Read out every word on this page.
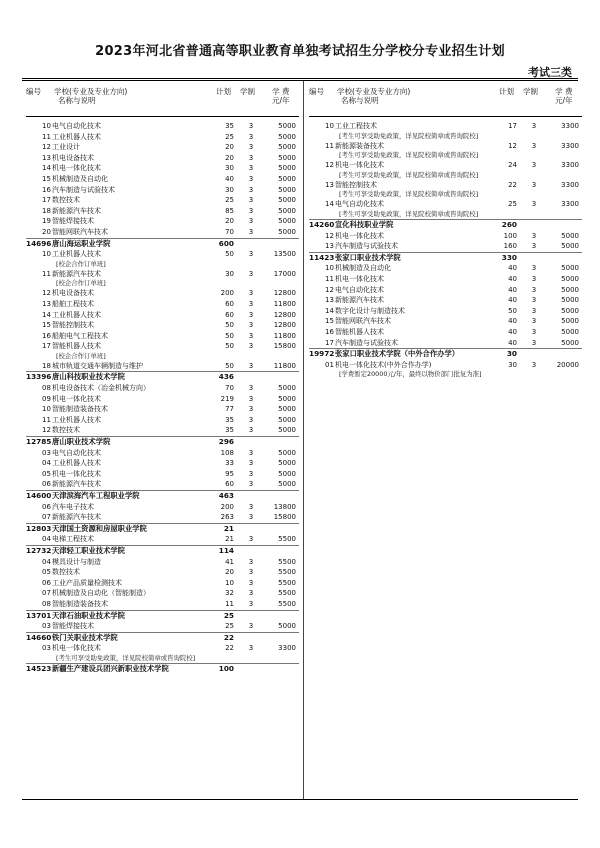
2023年河北省普通高等职业教育单独考试招生分学校分专业招生计划
考试三类
编号 学校(专业及专业方向)
名称与说明
计划 学制 学 费
元/年
10 电气自动化技术	35	3	5000
11 工业机器人技术	25	3	5000
12 工业设计	20	3	5000
13 机电设备技术	20	3	5000
14 机电一体化技术	30	3	5000
15 机械制造及自动化	40	3	5000
16 汽车制造与试验技术	30	3	5000
17 数控技术	25	3	5000
18 新能源汽车技术	85	3	5000
19 智能焊接技术	20	3	5000
20 智能网联汽车技术	70	3	5000
14696 唐山海运职业学院	600
10 工业机器人技术	50	3	13500
[校企合作订单班]
11 新能源汽车技术	30	3	17000
[校企合作订单班]
12 机电设备技术	200	3	12800
13 船舶工程技术	60	3	11800
14 工业机器人技术	60	3	12800
15 智能控制技术	50	3	12800
16 船舶电气工程技术	50	3	11800
17 智能机器人技术	50	3	15800
[校企合作订单班]
18 城市轨道交通车辆制造与维护	50	3	11800
13396 唐山科技职业技术学院	436
08 机电设备技术（冶金机械方向）	70	3	5000
09 机电一体化技术	219	3	5000
10 智能制造装备技术	77	3	5000
11 工业机器人技术	35	3	5000
12 数控技术	35	3	5000
12785 唐山职业技术学院	296
03 电气自动化技术	108	3	5000
04 工业机器人技术	33	3	5000
05 机电一体化技术	95	3	5000
06 新能源汽车技术	60	3	5000
14600 天津滨海汽车工程职业学院	463
06 汽车电子技术	200	3	13800
07 新能源汽车技术	263	3	15800
12803 天津国土资源和房屋职业学院	21
04 电梯工程技术	21	3	5500
12732 天津轻工职业技术学院	114
04 模具设计与制造	41	3	5500
05 数控技术	20	3	5500
06 工业产品质量检测技术	10	3	5500
07 机械制造及自动化（智能制造）	32	3	5500
08 智能制造装备技术	11	3	5500
13701 天津石油职业技术学院	25
03 智能焊接技术	25	3	5000
14660 铁门关职业技术学院	22
03 机电一体化技术	22	3	3300
[考生可享受助免政策，详见院校简章或咨询院校]
14523 新疆生产建设兵团兴新职业技术学院	100
编号 学校(专业及专业方向)
名称与说明
计划 学制 学 费
元/年
10 工业工程技术	17	3	3300
[考生可享受助免政策，详见院校简章或咨询院校]
11 新能源装备技术	12	3	3300
[考生可享受助免政策，详见院校简章或咨询院校]
12 机电一体化技术	24	3	3300
[考生可享受助免政策，详见院校简章或咨询院校]
13 智能控制技术	22	3	3300
[考生可享受助免政策，详见院校简章或咨询院校]
14 电气自动化技术	25	3	3300
[考生可享受助免政策，详见院校简章或咨询院校]
14260 宣化科技职业学院	260
12 机电一体化技术	100	3	5000
13 汽车制造与试验技术	160	3	5000
11423 张家口职业技术学院	330
10 机械制造及自动化	40	3	5000
11 机电一体化技术	40	3	5000
12 电气自动化技术	40	3	5000
13 新能源汽车技术	40	3	5000
14 数字化设计与制造技术	50	3	5000
15 智能网联汽车技术	40	3	5000
16 智能机器人技术	40	3	5000
17 汽车制造与试验技术	40	3	5000
19972 张家口职业技术学院（中外合作办学）	30
01 机电一体化技术(中外合作办学)	30	3	20000
[学费暂定20000元/年，最终以物价部门批复为准]
